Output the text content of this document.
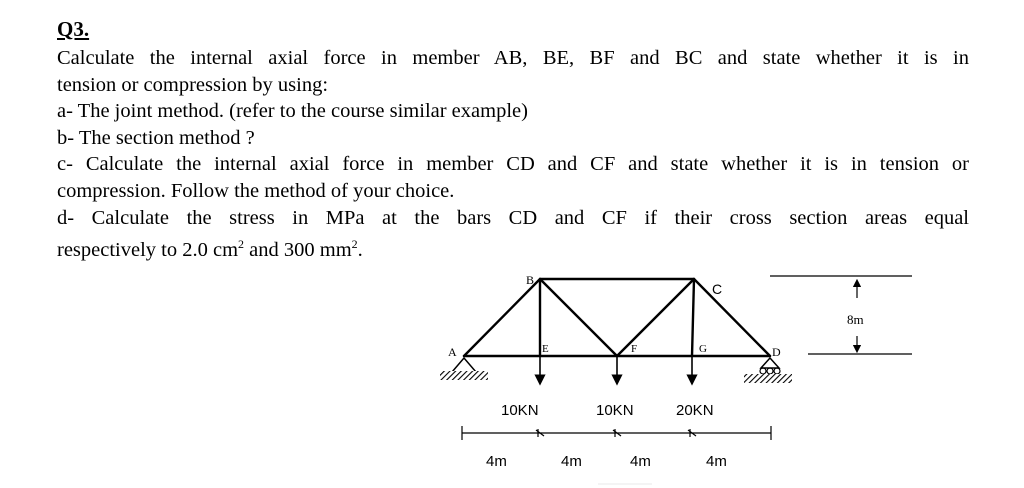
Q3.

Calculate the internal axial force in member AB, BE, BF and BC and state whether it is in

tension or compression by using:

a- The joint method. (refer to the course similar example)

b- The section method ?

c- Calculate the internal axial force in member CD and CF and state whether it is in tension or

compression. Follow the method of your choice.

d- Calculate the stress in MPa at the bars CD and CF if their cross section areas equal

respectively to 2.0 $cm^2$ and 300 $mm^2$.

A
B
E	F	G	D
C
10KN	10KN	20KN
4m	4m	4m	4m
8m
